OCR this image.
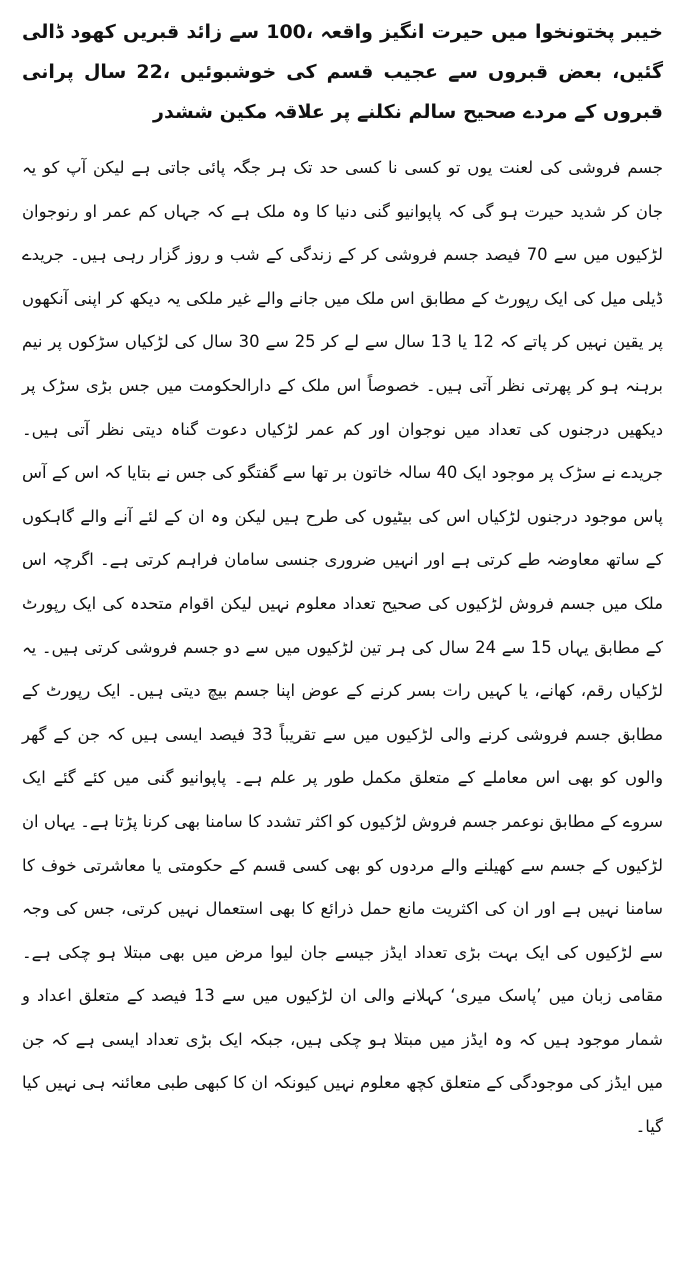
خیبر پختونخوا میں حیرت انگیز واقعہ ،100 سے زائد قبریں کھود ڈالی گئیں، بعض قبروں سے عجیب قسم کی خوشبوئیں ،22 سال پرانی قبروں کے مردے صحیح سالم نکلنے پر علاقہ مکین ششدر

جسم فروشی کی لعنت یوں تو کسی نا کسی حد تک ہر جگہ پائی جاتی ہے لیکن آپ کو یہ جان کر شدید حیرت ہو گی کہ پاپوانیو گنی دنیا کا وہ ملک ہے کہ جہاں کم عمر او رنوجوان لڑکیوں میں سے 70 فیصد جسم فروشی کر کے زندگی کے شب و روز گزار رہی ہیں۔ جریدے ڈیلی میل کی ایک رپورٹ کے مطابق اس ملک میں جانے والے غیر ملکی یہ دیکھ کر اپنی آنکھوں پر یقین نہیں کر پاتے کہ 12 یا 13 سال سے لے کر 25 سے 30 سال کی لڑکیاں سڑکوں پر نیم برہنہ ہو کر پھرتی نظر آتی ہیں۔ خصوصاً اس ملک کے دارالحکومت میں جس بڑی سڑک پر دیکھیں درجنوں کی تعداد میں نوجوان اور کم عمر لڑکیاں دعوت گناہ دیتی نظر آتی ہیں۔ جریدے نے سڑک پر موجود ایک 40 سالہ خاتون بر تھا سے گفتگو کی جس نے بتایا کہ اس کے آس پاس موجود درجنوں لڑکیاں اس کی بیٹیوں کی طرح ہیں لیکن وہ ان کے لئے آنے والے گاہکوں کے ساتھ معاوضہ طے کرتی ہے اور انہیں ضروری جنسی سامان فراہم کرتی ہے۔ اگرچہ اس ملک میں جسم فروش لڑکیوں کی صحیح تعداد معلوم نہیں لیکن اقوام متحدہ کی ایک رپورٹ کے مطابق یہاں 15 سے 24 سال کی ہر تین لڑکیوں میں سے دو جسم فروشی کرتی ہیں۔ یہ لڑکیاں رقم، کھانے، یا کہیں رات بسر کرنے کے عوض اپنا جسم بیچ دیتی ہیں۔ ایک رپورٹ کے مطابق جسم فروشی کرنے والی لڑکیوں میں سے تقریباً 33 فیصد ایسی ہیں کہ جن کے گھر والوں کو بھی اس معاملے کے متعلق مکمل طور پر علم ہے۔ پاپوانیو گنی میں کئے گئے ایک سروے کے مطابق نوعمر جسم فروش لڑکیوں کو اکثر تشدد کا سامنا بھی کرنا پڑتا ہے۔ یہاں ان لڑکیوں کے جسم سے کھیلنے والے مردوں کو بھی کسی قسم کے حکومتی یا معاشرتی خوف کا سامنا نہیں ہے اور ان کی اکثریت مانع حمل ذرائع کا بھی استعمال نہیں کرتی، جس کی وجہ سے لڑکیوں کی ایک بہت بڑی تعداد ایڈز جیسے جان لیوا مرض میں بھی مبتلا ہو چکی ہے۔ مقامی زبان میں ’پاسک میری‘ کہلانے والی ان لڑکیوں میں سے 13 فیصد کے متعلق اعداد و شمار موجود ہیں کہ وہ ایڈز میں مبتلا ہو چکی ہیں، جبکہ ایک بڑی تعداد ایسی ہے کہ جن میں ایڈز کی موجودگی کے متعلق کچھ معلوم نہیں کیونکہ ان کا کبھی طبی معائنہ ہی نہیں کیا گیا۔
